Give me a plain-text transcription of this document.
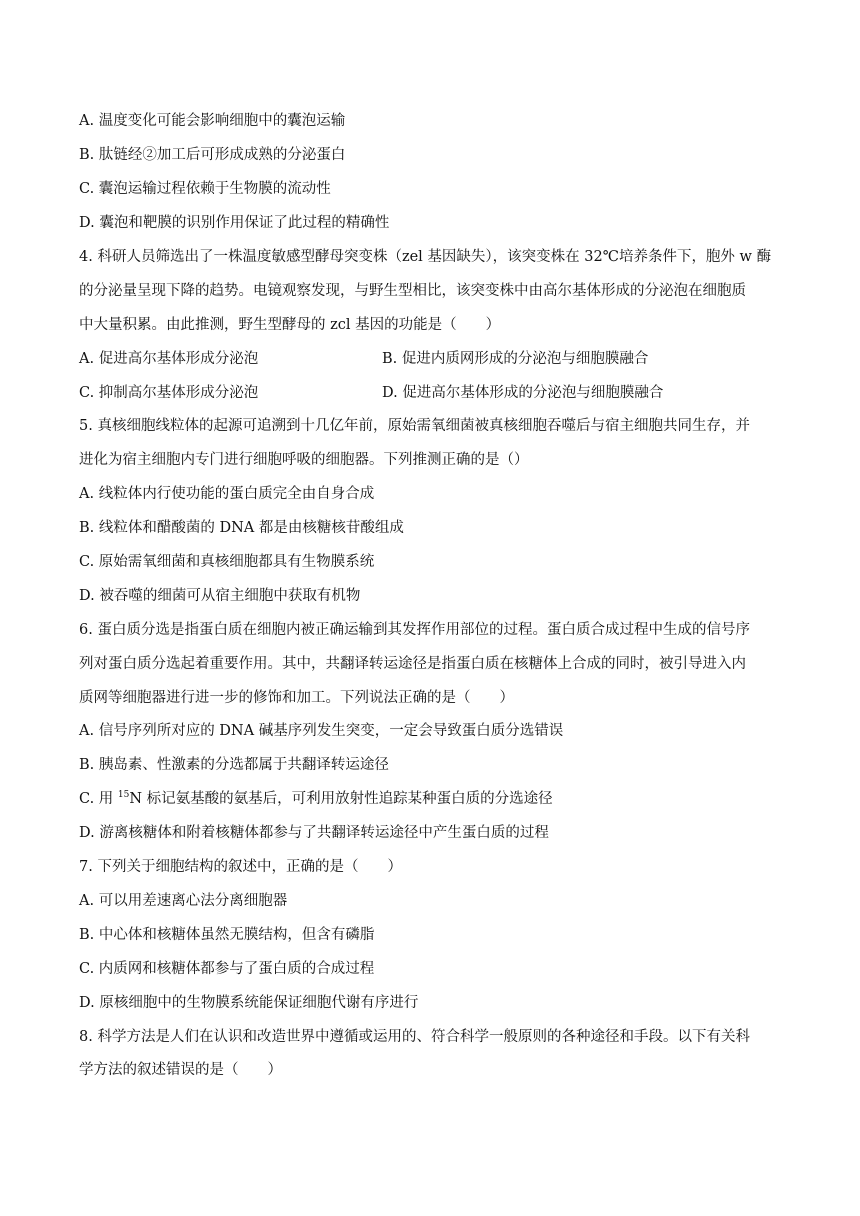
A. 温度变化可能会影响细胞中的囊泡运输
B. 肽链经②加工后可形成成熟的分泌蛋白
C. 囊泡运输过程依赖于生物膜的流动性
D. 囊泡和靶膜的识别作用保证了此过程的精确性
4. 科研人员筛选出了一株温度敏感型酵母突变株（zel 基因缺失），该突变株在 32℃培养条件下，胞外 w 酶
的分泌量呈现下降的趋势。电镜观察发现，与野生型相比，该突变株中由高尔基体形成的分泌泡在细胞质
中大量积累。由此推测，野生型酵母的 zcl 基因的功能是（　　）
A. 促进高尔基体形成分泌泡	B. 促进内质网形成的分泌泡与细胞膜融合
C. 抑制高尔基体形成分泌泡	D. 促进高尔基体形成的分泌泡与细胞膜融合
5. 真核细胞线粒体的起源可追溯到十几亿年前，原始需氧细菌被真核细胞吞噬后与宿主细胞共同生存，并
进化为宿主细胞内专门进行细胞呼吸的细胞器。下列推测正确的是（）
A. 线粒体内行使功能的蛋白质完全由自身合成
B. 线粒体和醋酸菌的 DNA 都是由核糖核苷酸组成
C. 原始需氧细菌和真核细胞都具有生物膜系统
D. 被吞噬的细菌可从宿主细胞中获取有机物
6. 蛋白质分选是指蛋白质在细胞内被正确运输到其发挥作用部位的过程。蛋白质合成过程中生成的信号序
列对蛋白质分选起着重要作用。其中，共翻译转运途径是指蛋白质在核糖体上合成的同时，被引导进入内
质网等细胞器进行进一步的修饰和加工。下列说法正确的是（　　）
A. 信号序列所对应的 DNA 碱基序列发生突变，一定会导致蛋白质分选错误
B. 胰岛素、性激素的分选都属于共翻译转运途径
C. 用 $^{15}$N 标记氨基酸的氨基后，可利用放射性追踪某种蛋白质的分选途径
D. 游离核糖体和附着核糖体都参与了共翻译转运途径中产生蛋白质的过程
7. 下列关于细胞结构的叙述中，正确的是（　　）
A. 可以用差速离心法分离细胞器
B. 中心体和核糖体虽然无膜结构，但含有磷脂
C. 内质网和核糖体都参与了蛋白质的合成过程
D. 原核细胞中的生物膜系统能保证细胞代谢有序进行
8. 科学方法是人们在认识和改造世界中遵循或运用的、符合科学一般原则的各种途径和手段。以下有关科
学方法的叙述错误的是（　　）
